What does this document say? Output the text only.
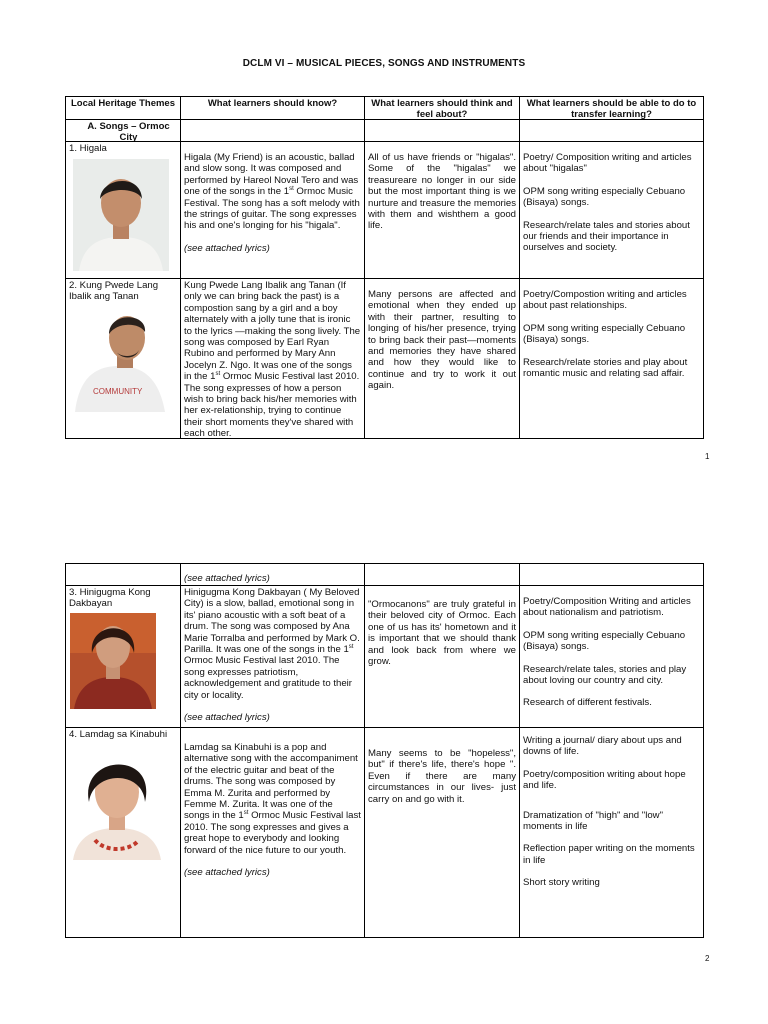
DCLM VI – MUSICAL PIECES, SONGS AND INSTRUMENTS
Local Heritage Themes	What learners should know?	What learners should think and feel about?
What learners should be able to do to transfer learning?
A. Songs – Ormoc City
1. Higala
Higala (My Friend) is an acoustic, ballad and slow song. It was composed and performed by Hareol Noval Tero and was one of the songs in the 1st Ormoc Music Festival. The song has a soft melody with the strings of guitar. The song expresses his and one's longing for his "higala".
(see attached lyrics)
All of us have friends or "higalas". Some of the "higalas" we treasureare no longer in our side but the most important thing is we nurture and treasure the memories with them and wishthem a good life.
Poetry/ Composition writing and articles about "higalas"
OPM song writing especially Cebuano (Bisaya) songs.
Research/relate tales and stories about our friends and their importance in ourselves and society.
2. Kung Pwede Lang Ibalik ang Tanan
COMMUNITY
Kung Pwede Lang Ibalik ang Tanan (If only we can bring back the past) is a compostion sang by a girl and a boy alternately with a jolly tune that is ironic to the lyrics —making the song lively. The song was composed by Earl Ryan Rubino and performed by Mary Ann Jocelyn Z. Ngo. It was one of the songs in the 1st Ormoc Music Festival last 2010. The song expresses of how a person wish to bring back his/her memories with her ex-relationship, trying to continue their short moments they've shared with each other.
Many persons are affected and emotional when they ended up with their partner, resulting to longing of his/her presence, trying to bring back their past—moments and memories they have shared and how they would like to continue and try to work it out again.
Poetry/Compostion writing and articles about past relationships.
OPM song writing especially Cebuano (Bisaya) songs.
Research/relate stories and play about romantic music and relating sad affair.
1
(see attached lyrics)
3. Hinigugma Kong Dakbayan
Hinigugma Kong Dakbayan ( My Beloved City) is a slow, ballad, emotional song in its' piano acoustic with a soft beat of a drum. The song was composed by Ana Marie Torralba and performed by Mark O. Parilla. It was one of the songs in the 1st Ormoc Music Festival last 2010. The song expresses patriotism, acknowledgement and gratitude to their city or locality.
(see attached lyrics)
"Ormocanons" are truly grateful in their beloved city of Ormoc. Each one of us has its' hometown and it is important that we should thank and look back from where we grow.
Poetry/Composition Writing and articles about nationalism and patriotism.
OPM song writing especially Cebuano (Bisaya) songs.
Research/relate tales, stories and play about loving our country and city.
Research of different festivals.
4. Lamdag sa Kinabuhi
Lamdag sa Kinabuhi is a pop and alternative song with the accompaniment of the electric guitar and beat of the drums. The song was composed by Emma M. Zurita and performed by Femme M. Zurita. It was one of the songs in the 1st Ormoc Music Festival last 2010. The song expresses and gives a great hope to everybody and looking forward of the nice future to our youth.
(see attached lyrics)
Many seems to be "hopeless", but" if there's life, there's hope ". Even if there are many circumstances in our lives- just carry on and go with it.
Writing a journal/ diary about ups and downs of life.
Poetry/composition writing about hope and life.
Dramatization of "high" and "low" moments in life
Reflection paper writing on the moments in life
Short story writing
2
